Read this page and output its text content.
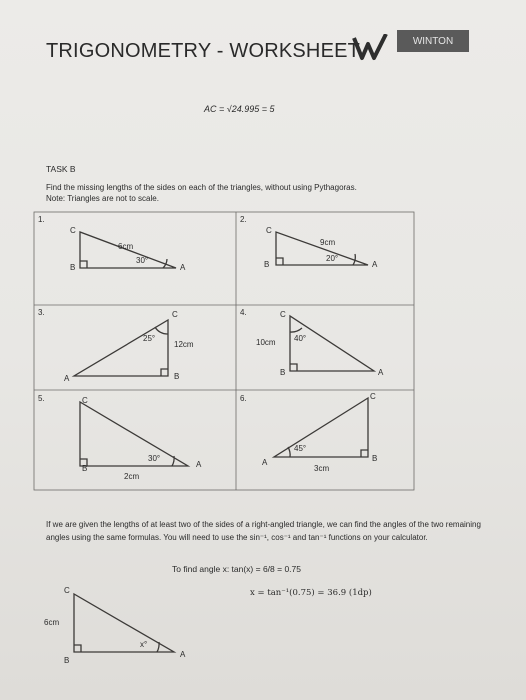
TRIGONOMETRY - WORKSHEET	WINTON
AC = √24.995 = 5
TASK B
Find the missing lengths of the sides on each of the triangles, without using Pythagoras.
Note: Triangles are not to scale.
1.
C
B	A
6cm
30°
2.
C
B	A
9cm
20°
3.	C
B
A
12cm
25°
4.	C
B	A
10cm 40°
5.	C
B	A
2cm
30°
6.	C
B
A
3cm
45°
If we are given the lengths of at least two of the sides of a right-angled triangle, we can find the angles of the two remaining angles using the same formulas. You will need to use the sin⁻¹, cos⁻¹ and tan⁻¹ functions on your calculator.
To find angle x: tan(x) = 6/8 = 0.75
x = tan⁻¹(0.75) = 36.9 (1dp)
C
B
A
6cm
x°
